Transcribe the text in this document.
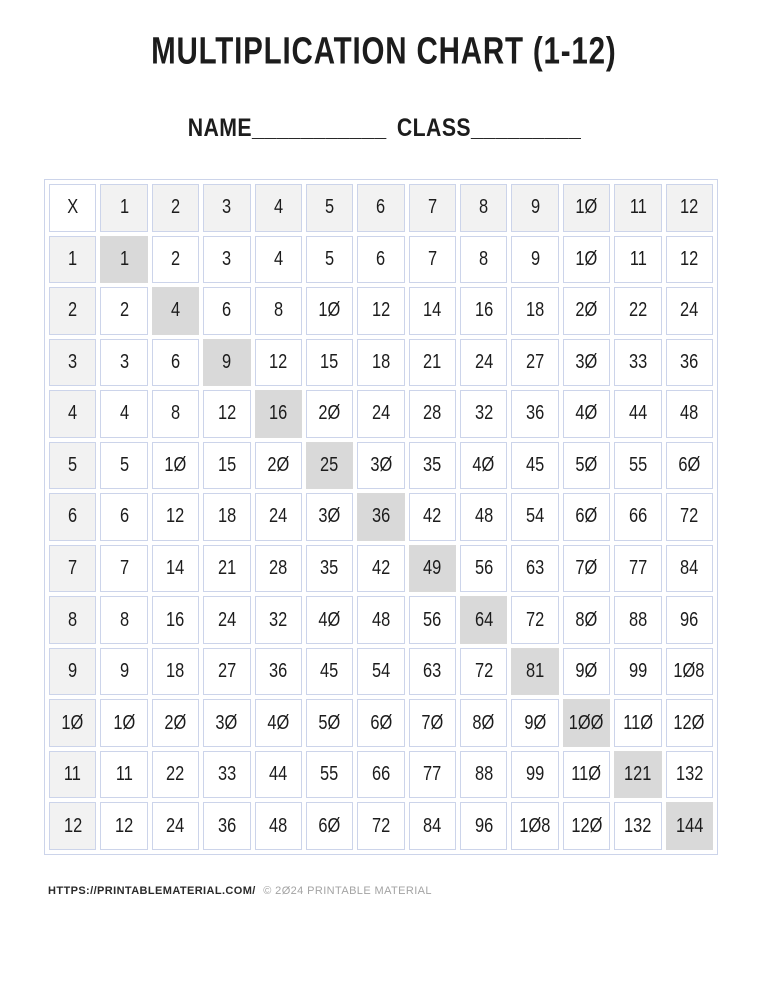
MULTIPLICATION CHART (1-12)
NAME___________ CLASS_________
X 1 2 3 4 5 6 7 8 9 1Ø 11 12
1 1 2 3 4 5 6 7 8 9 1Ø 11 12
2 2 4 6 8 1Ø 12 14 16 18 2Ø 22 24
3 3 6 9 12 15 18 21 24 27 3Ø 33 36
4 4 8 12 16 2Ø 24 28 32 36 4Ø 44 48
5 5 1Ø 15 2Ø 25 3Ø 35 4Ø 45 5Ø 55 6Ø
6 6 12 18 24 3Ø 36 42 48 54 6Ø 66 72
7 7 14 21 28 35 42 49 56 63 7Ø 77 84
8 8 16 24 32 4Ø 48 56 64 72 8Ø 88 96
9 9 18 27 36 45 54 63 72 81 9Ø 99 1Ø8
1Ø 1Ø 2Ø 3Ø 4Ø 5Ø 6Ø 7Ø 8Ø 9Ø 1ØØ 11Ø 12Ø
11 11 22 33 44 55 66 77 88 99 11Ø 121 132
12 12 24 36 48 6Ø 72 84 96 1Ø8 12Ø 132 144
HTTPS://PRINTABLEMATERIAL.COM/ © 2Ø24 PRINTABLE MATERIAL
